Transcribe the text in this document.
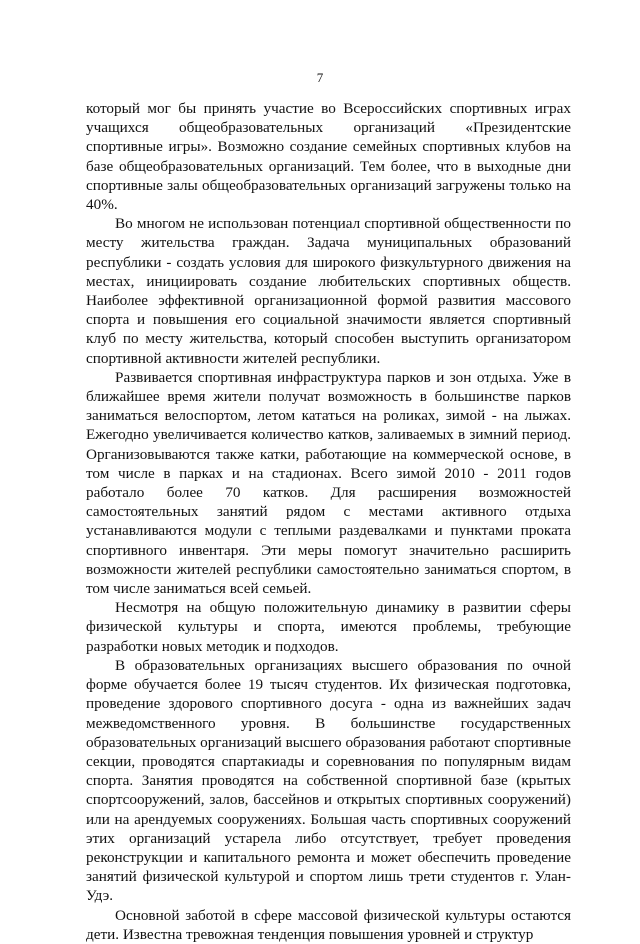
7

который мог бы принять участие во Всероссийских спортивных играх учащихся общеобразовательных организаций «Президентские спортивные игры». Возможно создание семейных спортивных клубов на базе общеобразовательных организаций. Тем более, что в выходные дни спортивные залы общеобразовательных организаций загружены только на 40%.

Во многом не использован потенциал спортивной общественности по месту жительства граждан. Задача муниципальных образований республики - создать условия для широкого физкультурного движения на местах, инициировать создание любительских спортивных обществ. Наиболее эффективной организационной формой развития массового спорта и повышения его социальной значимости является спортивный клуб по месту жительства, который способен выступить организатором спортивной активности жителей республики.

Развивается спортивная инфраструктура парков и зон отдыха. Уже в ближайшее время жители получат возможность в большинстве парков заниматься велоспортом, летом кататься на роликах, зимой - на лыжах. Ежегодно увеличивается количество катков, заливаемых в зимний период. Организовываются также катки, работающие на коммерческой основе, в том числе в парках и на стадионах. Всего зимой 2010 - 2011 годов работало более 70 катков. Для расширения возможностей самостоятельных занятий рядом с местами активного отдыха устанавливаются модули с теплыми раздевалками и пунктами проката спортивного инвентаря. Эти меры помогут значительно расширить возможности жителей республики самостоятельно заниматься спортом, в том числе заниматься всей семьей.

Несмотря на общую положительную динамику в развитии сферы физической культуры и спорта, имеются проблемы, требующие разработки новых методик и подходов.

В образовательных организациях высшего образования по очной форме обучается более 19 тысяч студентов. Их физическая подготовка, проведение здорового спортивного досуга - одна из важнейших задач межведомственного уровня. В большинстве государственных образовательных организаций высшего образования работают спортивные секции, проводятся спартакиады и соревнования по популярным видам спорта. Занятия проводятся на собственной спортивной базе (крытых спортсооружений, залов, бассейнов и открытых спортивных сооружений) или на арендуемых сооружениях. Большая часть спортивных сооружений этих организаций устарела либо отсутствует, требует проведения реконструкции и капитального ремонта и может обеспечить проведение занятий физической культурой и спортом лишь трети студентов г. Улан-Удэ.

Основной заботой в сфере массовой физической культуры остаются дети. Известна тревожная тенденция повышения уровней и структур
